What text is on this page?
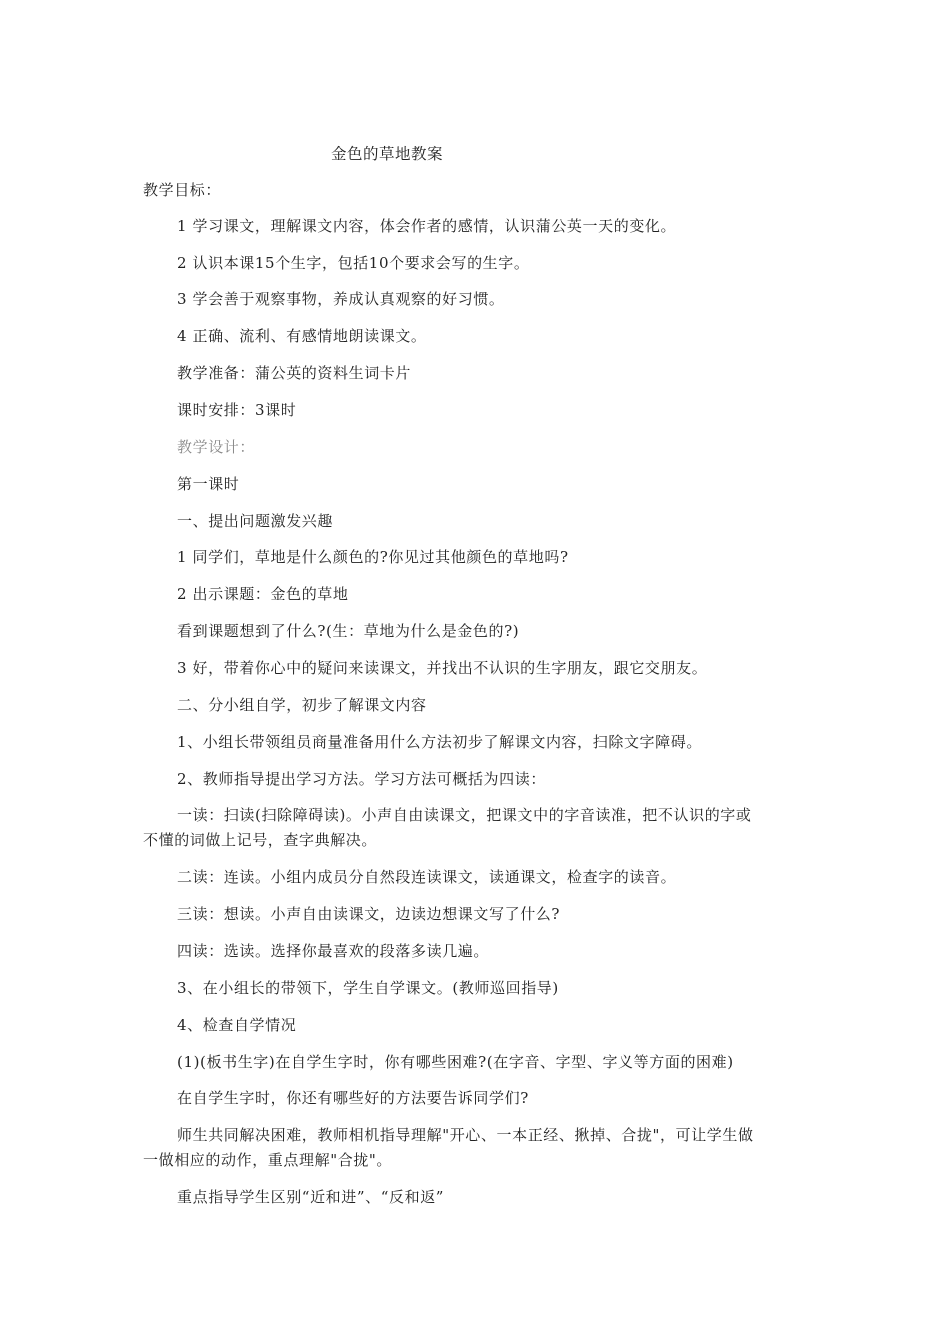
金色的草地教案
教学目标：
1 学习课文，理解课文内容，体会作者的感情，认识蒲公英一天的变化。
2 认识本课15个生字，包括10个要求会写的生字。
3 学会善于观察事物，养成认真观察的好习惯。
4 正确、流利、有感情地朗读课文。
教学准备：蒲公英的资料生词卡片
课时安排：3课时
教学设计：
第一课时
一、提出问题激发兴趣
1 同学们，草地是什么颜色的?你见过其他颜色的草地吗?
2 出示课题：金色的草地
看到课题想到了什么?(生：草地为什么是金色的?)
3 好，带着你心中的疑问来读课文，并找出不认识的生字朋友，跟它交朋友。
二、分小组自学，初步了解课文内容
1、小组长带领组员商量准备用什么方法初步了解课文内容，扫除文字障碍。
2、教师指导提出学习方法。学习方法可概括为四读：
一读：扫读(扫除障碍读)。小声自由读课文，把课文中的字音读准，把不认识的字或
不懂的词做上记号，查字典解决。
二读：连读。小组内成员分自然段连读课文，读通课文，检查字的读音。
三读：想读。小声自由读课文，边读边想课文写了什么?
四读：选读。选择你最喜欢的段落多读几遍。
3、在小组长的带领下，学生自学课文。(教师巡回指导)
4、检查自学情况
(1)(板书生字)在自学生字时，你有哪些困难?(在字音、字型、字义等方面的困难)
在自学生字时，你还有哪些好的方法要告诉同学们?
师生共同解决困难，教师相机指导理解"开心、一本正经、揪掉、合拢"，可让学生做
一做相应的动作，重点理解"合拢"。
重点指导学生区别“近和进”、“反和返”
